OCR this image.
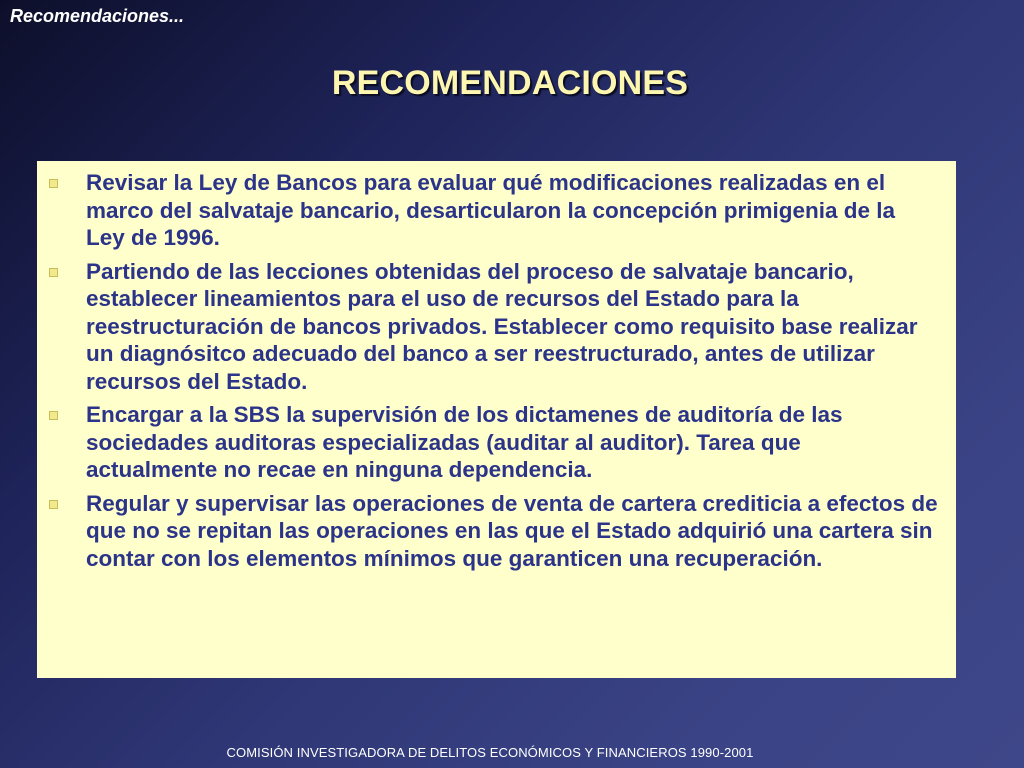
Recomendaciones...
RECOMENDACIONES
Revisar la Ley de Bancos para evaluar qué modificaciones realizadas en el marco del salvataje bancario, desarticularon la concepción primigenia de la Ley de 1996.
Partiendo de las lecciones obtenidas del proceso de salvataje bancario, establecer lineamientos para el uso de recursos del Estado para la reestructuración de bancos privados. Establecer como requisito base realizar un diagnósitco adecuado del banco a ser reestructurado, antes de utilizar recursos del Estado.
Encargar a la SBS la supervisión de los dictamenes de auditoría de las sociedades auditoras especializadas (auditar al auditor). Tarea que actualmente no recae en ninguna dependencia.
Regular y supervisar las operaciones de venta de cartera crediticia a efectos de que no se repitan las operaciones en las que el Estado adquirió una cartera sin contar con los elementos mínimos que garanticen una recuperación.
COMISIÓN INVESTIGADORA DE DELITOS ECONÓMICOS Y FINANCIEROS 1990-2001
